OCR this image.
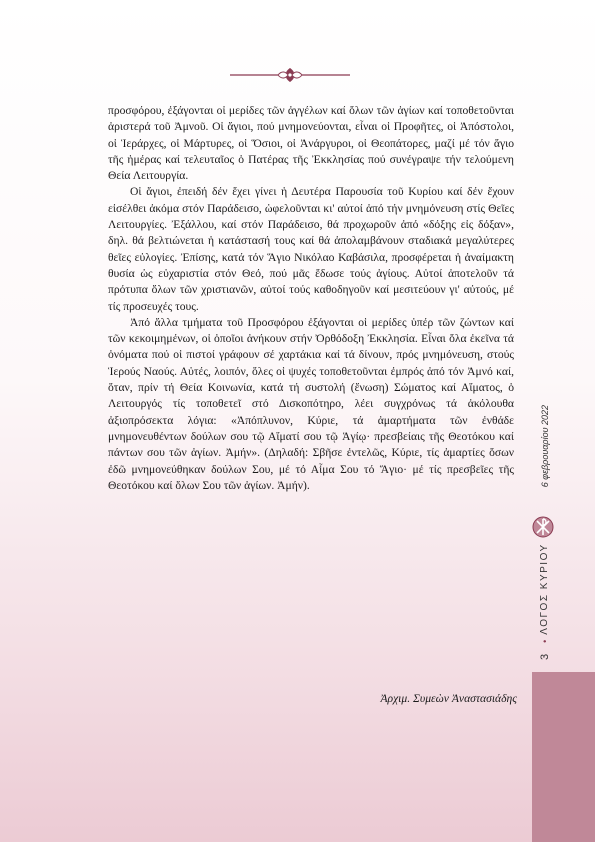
προσφόρου, ἐξάγονται οἱ μερίδες τῶν ἀγγέλων καί ὅλων τῶν ἁγίων καί τοποθετοῦνται ἀριστερά τοῦ Ἀμνοῦ. Οἱ ἅγιοι, πού μνημονεύονται, εἶναι οἱ Προφῆτες, οἱ Ἀπόστολοι, οἱ Ἱεράρχες, οἱ Μάρτυρες, οἱ Ὅσιοι, οἱ Ἀνάργυροι, οἱ Θεοπάτορες, μαζί μέ τόν ἅγιο τῆς ἡμέρας καί τελευταῖος ὁ Πατέρας τῆς Ἐκκλησίας πού συνέγραψε τήν τελούμενη Θεία Λειτουργία.

Οἱ ἅγιοι, ἐπειδή δέν ἔχει γίνει ἡ Δευτέρα Παρουσία τοῦ Κυρίου καί δέν ἔχουν εἰσέλθει ἀκόμα στόν Παράδεισο, ὠφελοῦνται κι' αὐτοί ἀπό τήν μνημόνευση στίς Θεῖες Λειτουργίες. Ἐξάλλου, καί στόν Παράδεισο, θά προχωροῦν ἀπό «δόξης εἰς δόξαν», δηλ. θά βελτιώνεται ἡ κατάστασή τους καί θά ἀπολαμβάνουν σταδιακά μεγαλύτερες θεῖες εὐλογίες. Ἐπίσης, κατά τόν Ἅγιο Νικόλαο Καβάσιλα, προσφέρεται ἡ ἀναίμακτη θυσία ὡς εὐχαριστία στόν Θεό, πού μᾶς ἔδωσε τούς ἁγίους. Αὐτοί ἀποτελοῦν τά πρότυπα ὅλων τῶν χριστιανῶν, αὐτοί τούς καθοδηγοῦν καί μεσιτεύουν γι' αὐτούς, μέ τίς προσευχές τους.

Ἀπό ἄλλα τμήματα τοῦ Προσφόρου ἐξάγονται οἱ μερίδες ὑπέρ τῶν ζώντων καί τῶν κεκοιμημένων, οἱ ὁποῖοι ἀνήκουν στήν Ὀρθόδοξη Ἐκκλησία. Εἶναι ὅλα ἐκεῖνα τά ὀνόματα πού οἱ πιστοί γράφουν σέ χαρτάκια καί τά δίνουν, πρός μνημόνευση, στούς Ἱερούς Ναούς. Αὐτές, λοιπόν, ὅλες οἱ ψυχές τοποθετοῦνται ἐμπρός ἀπό τόν Ἀμνό καί, ὅταν, πρίν τή Θεία Κοινωνία, κατά τή συστολή (ἕνωση) Σώματος καί Αἵματος, ὁ Λειτουργός τίς τοποθετεῖ στό Δισκοπότηρο, λέει συγχρόνως τά ἀκόλουθα ἀξιοπρόσεκτα λόγια: «Ἀπόπλυνον, Κύριε, τά ἁμαρτήματα τῶν ἐνθάδε μνημονευθέντων δούλων σου τῷ Αἵματί σου τῷ Ἁγίῳ· πρεσβείαις τῆς Θεοτόκου καί πάντων σου τῶν ἁγίων. Ἀμήν». (Δηλαδή: Σβῆσε ἐντελῶς, Κύριε, τίς ἁμαρτίες ὅσων ἐδῶ μνημονεύθηκαν δούλων Σου, μέ τό Αἷμα Σου τό Ἅγιο· μέ τίς πρεσβεῖες τῆς Θεοτόκου καί ὅλων Σου τῶν ἁγίων. Ἀμήν).

Ἀρχιμ. Συμεὼν Ἀναστασιάδης
3
•
ΛΟΓΟΣ ΚΥΡΙΟΥ
6 φεβρουαρίου 2022
